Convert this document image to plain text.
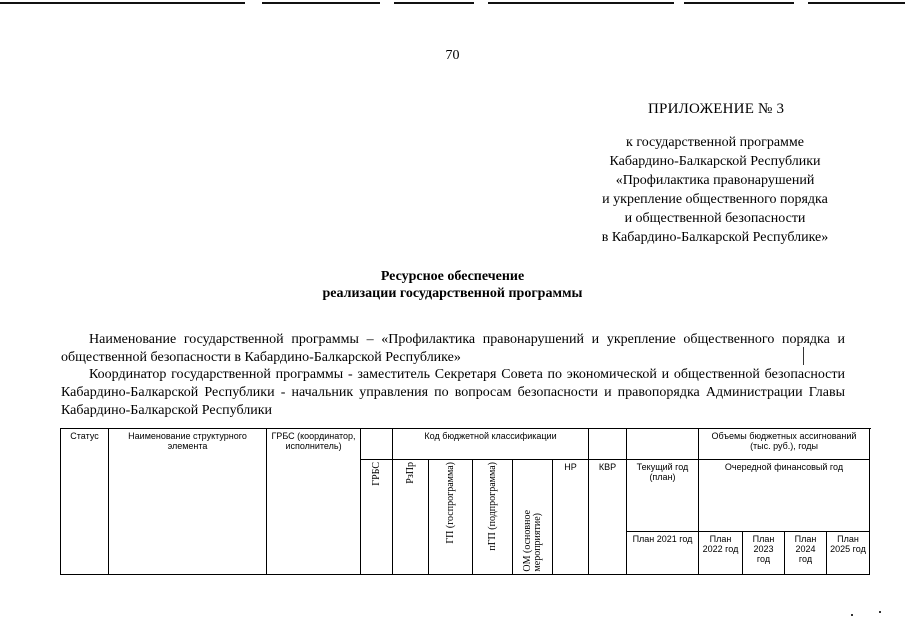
70
ПРИЛОЖЕНИЕ № 3
к государственной программе
Кабардино-Балкарской Республики
«Профилактика правонарушений
и укрепление общественного порядка
и общественной безопасности
в Кабардино-Балкарской Республике»
Ресурсное обеспечение
реализации государственной программы

Наименование государственной программы – «Профилактика правонарушений и укрепление общественного порядка и общественной безопасности в Кабардино-Балкарской Республике»

Координатор государственной программы - заместитель Секретаря Совета по экономической и общественной безопасности Кабардино-Балкарской Республики - начальник управления по вопросам безопасности и правопорядка Администрации Главы Кабардино-Балкарской Республики

Статус	Наименование структурного элемента	ГРБС (координатор, исполнитель)		Код бюджетной классификации							Объемы бюджетных ассигнований (тыс. руб.), годы			

			ГРБС	РзПр	ГП (госпрограмма)	пГП (подпрограмма)	ОМ (основное мероприятие)	НР	КВР	Текущий год (план)	Очередной финансовый год			
										План 2021 год	План 2022 год	План 2023 год	План 2024 год	План 2025 год
